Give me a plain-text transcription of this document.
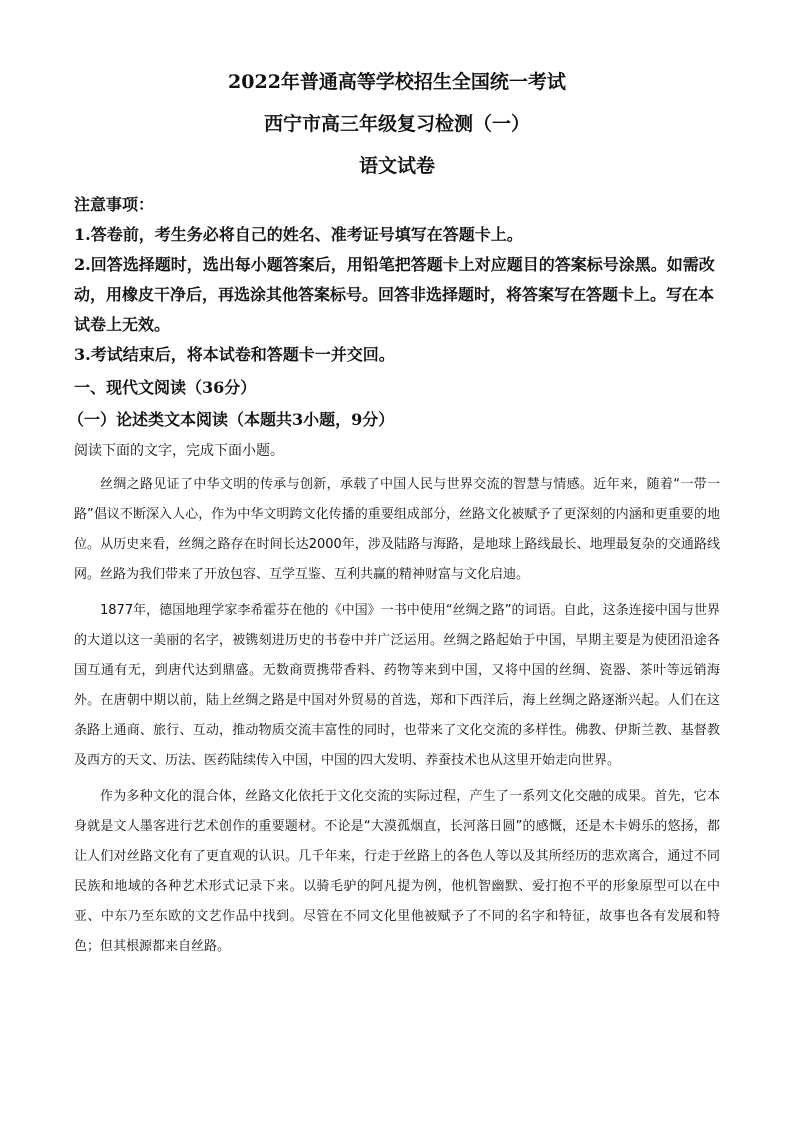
2022年普通高等学校招生全国统一考试
西宁市高三年级复习检测（一）
语文试卷
注意事项：
1.答卷前，考生务必将自己的姓名、准考证号填写在答题卡上。
2.回答选择题时，选出每小题答案后，用铅笔把答题卡上对应题目的答案标号涂黑。如需改动，用橡皮干净后，再选涂其他答案标号。回答非选择题时，将答案写在答题卡上。写在本试卷上无效。
3.考试结束后，将本试卷和答题卡一并交回。
一、现代文阅读（36分）
（一）论述类文本阅读（本题共3小题，9分）
阅读下面的文字，完成下面小题。

丝绸之路见证了中华文明的传承与创新，承载了中国人民与世界交流的智慧与情感。近年来，随着“一带一路”倡议不断深入人心，作为中华文明跨文化传播的重要组成部分，丝路文化被赋予了更深刻的内涵和更重要的地位。从历史来看，丝绸之路存在时间长达2000年，涉及陆路与海路，是地球上路线最长、地理最复杂的交通路线网。丝路为我们带来了开放包容、互学互鉴、互利共赢的精神财富与文化启迪。

1877年，德国地理学家李希霍芬在他的《中国》一书中使用“丝绸之路”的词语。自此，这条连接中国与世界的大道以这一美丽的名字，被镌刻进历史的书卷中并广泛运用。丝绸之路起始于中国，早期主要是为使团沿途各国互通有无，到唐代达到鼎盛。无数商贾携带香料、药物等来到中国，又将中国的丝绸、瓷器、茶叶等远销海外。在唐朝中期以前，陆上丝绸之路是中国对外贸易的首选，郑和下西洋后，海上丝绸之路逐渐兴起。人们在这条路上通商、旅行、互动，推动物质交流丰富性的同时，也带来了文化交流的多样性。佛教、伊斯兰教、基督教及西方的天文、历法、医药陆续传入中国，中国的四大发明、养蚕技术也从这里开始走向世界。

作为多种文化的混合体，丝路文化依托于文化交流的实际过程，产生了一系列文化交融的成果。首先，它本身就是文人墨客进行艺术创作的重要题材。不论是“大漠孤烟直，长河落日圆”的感慨，还是木卡姆乐的悠扬，都让人们对丝路文化有了更直观的认识。几千年来，行走于丝路上的各色人等以及其所经历的悲欢离合，通过不同民族和地域的各种艺术形式记录下来。以骑毛驴的阿凡提为例，他机智幽默、爱打抱不平的形象原型可以在中亚、中东乃至东欧的文艺作品中找到。尽管在不同文化里他被赋予了不同的名字和特征，故事也各有发展和特色；但其根源都来自丝路。
